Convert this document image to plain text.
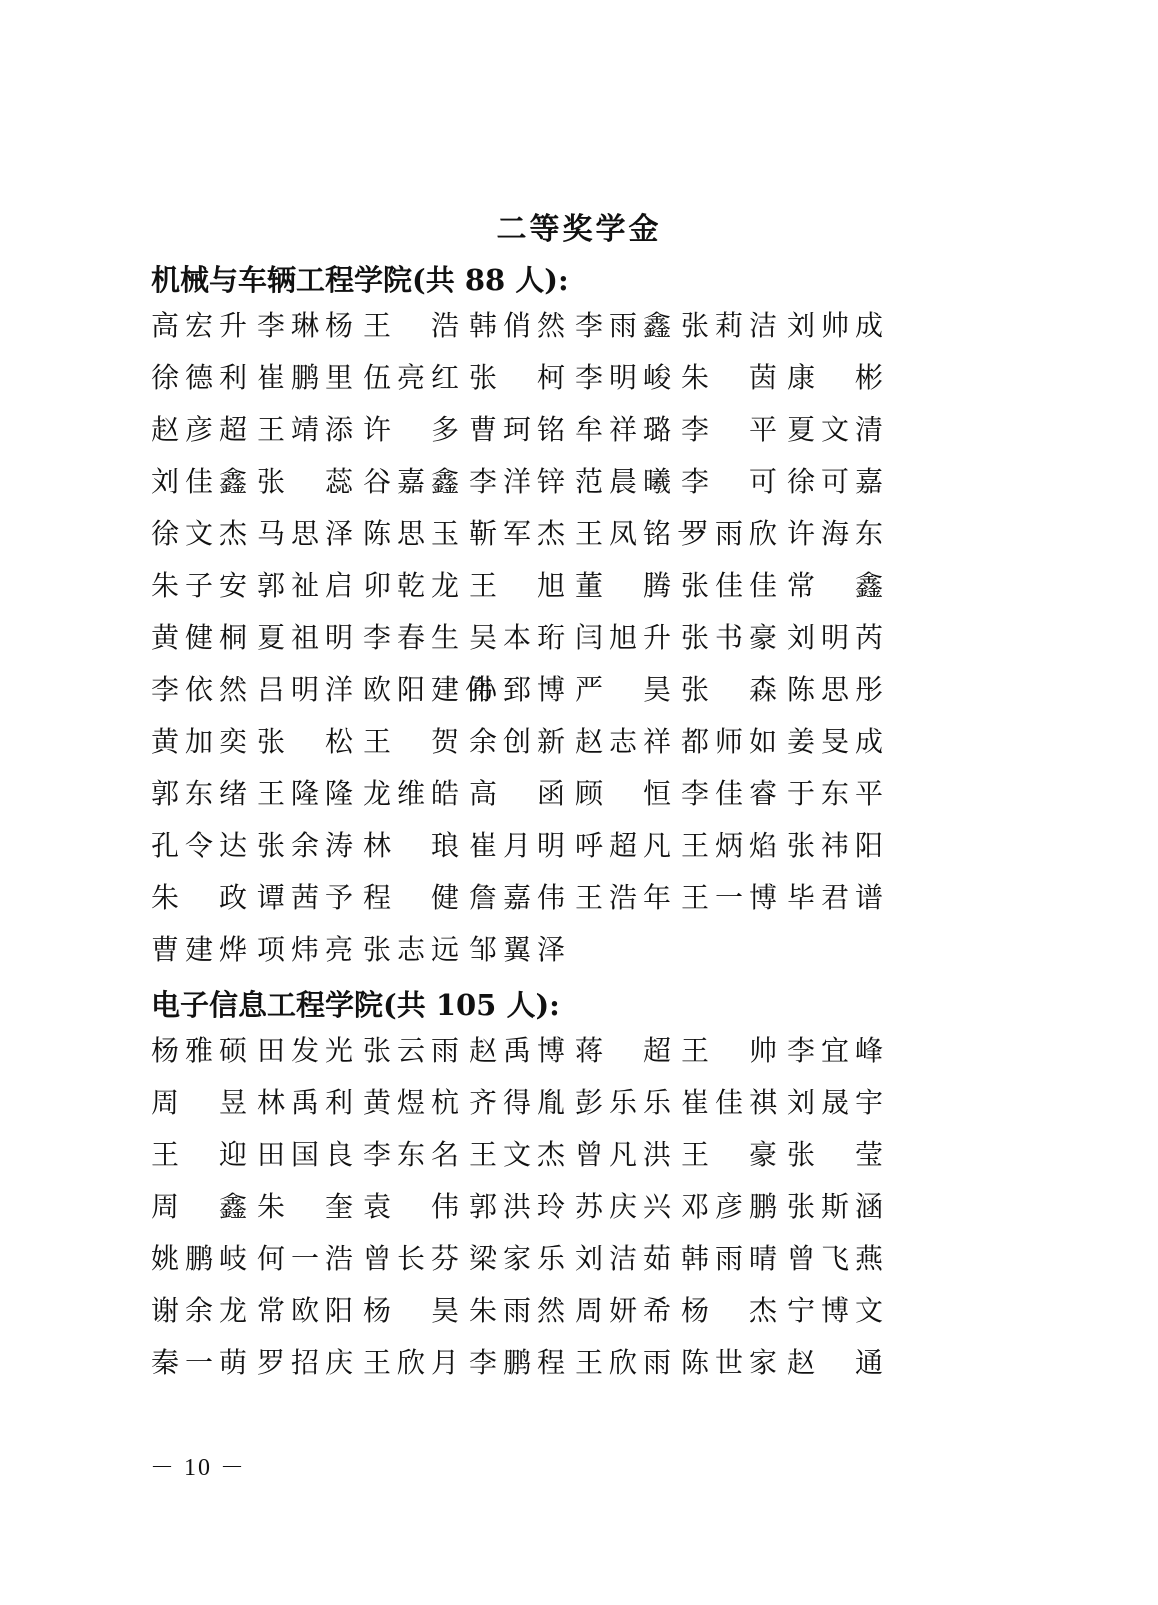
二等奖学金
机械与车辆工程学院(共 88 人):
高宏升 李琳杨 王　浩 韩俏然 李雨鑫 张莉洁 刘帅成
徐德利 崔鹏里 伍亮红 张　柯 李明峻 朱　茵 康　彬
赵彦超 王靖添 许　多 曹珂铭 牟祥璐 李　平 夏文清
刘佳鑫 张　蕊 谷嘉鑫 李洋锌 范晨曦 李　可 徐可嘉
徐文杰 马思泽 陈思玉 靳军杰 王凤铭一
罗雨欣 许海东
朱子安 郭祉启 卯乾龙 王　旭 董　腾 张佳佳 常　鑫
黄健桐 夏祖明 李春生 吴本珩 闫旭升 张书豪 刘明芮
李依然 吕明洋 欧阳建伟
孙郅博 严　昊 张　森 陈思彤
黄加奕 张　松 王　贺 余创新 赵志祥 都师如 姜旻成
郭东绪 王隆隆 龙维皓 高　函 顾　恒 李佳睿 于东平
孔令达 张余涛 林　琅 崔月明 呼超凡 王炳焰 张祎阳
朱　政 谭茜予 程　健 詹嘉伟 王浩年 王一博 毕君谱
曹建烨 项炜亮 张志远 邹翼泽
电子信息工程学院(共 105 人):
杨雅硕 田发光 张云雨 赵禹博 蒋　超 王　帅 李宜峰
周　昱 林禹利 黄煜杭 齐得胤 彭乐乐 崔佳祺 刘晟宇
王　迎 田国良 李东名 王文杰 曾凡洪 王　豪 张　莹
周　鑫 朱　奎 袁　伟 郭洪玲 苏庆兴 邓彦鹏 张斯涵
姚鹏岐 何一浩 曾长芬 梁家乐 刘洁茹 韩雨晴 曾飞燕
谢余龙 常欧阳 杨　昊 朱雨然 周妍希 杨　杰 宁博文
秦一萌 罗招庆 王欣月 李鹏程 王欣雨 陈世家 赵　通
－ 10 －
